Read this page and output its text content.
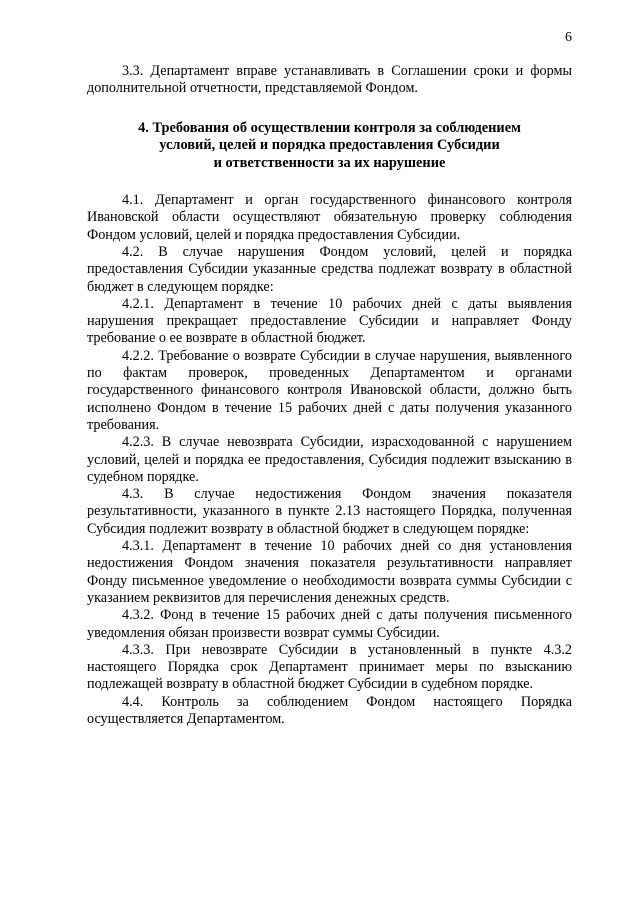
6

3.3. Департамент вправе устанавливать в Соглашении сроки и формы дополнительной отчетности, представляемой Фондом.

4. Требования об осуществлении контроля за соблюдением
условий, целей и порядка предоставления Субсидии
и ответственности за их нарушение

4.1. Департамент и орган государственного финансового контроля Ивановской области осуществляют обязательную проверку соблюдения Фондом условий, целей и порядка предоставления Субсидии.

4.2. В случае нарушения Фондом условий, целей и порядка предоставления Субсидии указанные средства подлежат возврату в областной бюджет в следующем порядке:

4.2.1. Департамент в течение 10 рабочих дней с даты выявления нарушения прекращает предоставление Субсидии и направляет Фонду требование о ее возврате в областной бюджет.

4.2.2. Требование о возврате Субсидии в случае нарушения, выявленного по фактам проверок, проведенных Департаментом и органами государственного финансового контроля Ивановской области, должно быть исполнено Фондом в течение 15 рабочих дней с даты получения указанного требования.

4.2.3. В случае невозврата Субсидии, израсходованной с нарушением условий, целей и порядка ее предоставления, Субсидия подлежит взысканию в судебном порядке.

4.3. В случае недостижения Фондом значения показателя результативности, указанного в пункте 2.13 настоящего Порядка, полученная Субсидия подлежит возврату в областной бюджет в следующем порядке:

4.3.1. Департамент в течение 10 рабочих дней со дня установления недостижения Фондом значения показателя результативности направляет Фонду письменное уведомление о необходимости возврата суммы Субсидии с указанием реквизитов для перечисления денежных средств.

4.3.2. Фонд в течение 15 рабочих дней с даты получения письменного уведомления обязан произвести возврат суммы Субсидии.

4.3.3. При невозврате Субсидии в установленный в пункте 4.3.2 настоящего Порядка срок Департамент принимает меры по взысканию подлежащей возврату в областной бюджет Субсидии в судебном порядке.

4.4. Контроль за соблюдением Фондом настоящего Порядка осуществляется Департаментом.
